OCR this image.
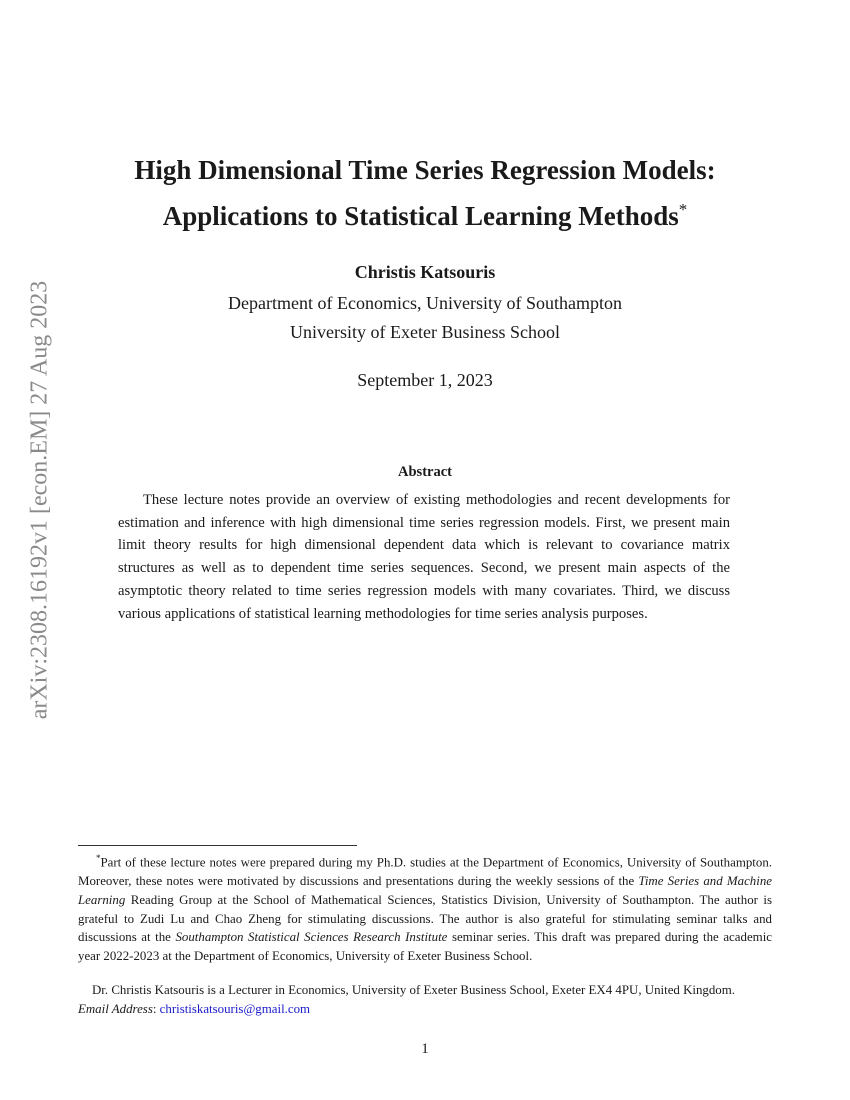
arXiv:2308.16192v1 [econ.EM] 27 Aug 2023
High Dimensional Time Series Regression Models:
Applications to Statistical Learning Methods*
Christis Katsouris
Department of Economics, University of Southampton
University of Exeter Business School
September 1, 2023
Abstract
These lecture notes provide an overview of existing methodologies and recent developments for estimation and inference with high dimensional time series regression models. First, we present main limit theory results for high dimensional dependent data which is relevant to covariance matrix structures as well as to dependent time series sequences. Second, we present main aspects of the asymptotic theory related to time series regression models with many covariates. Third, we discuss various applications of statistical learning methodologies for time series analysis purposes.
*Part of these lecture notes were prepared during my Ph.D. studies at the Department of Economics, University of Southampton. Moreover, these notes were motivated by discussions and presentations during the weekly sessions of the Time Series and Machine Learning Reading Group at the School of Mathematical Sciences, Statistics Division, University of Southampton. The author is grateful to Zudi Lu and Chao Zheng for stimulating discussions. The author is also grateful for stimulating seminar talks and discussions at the Southampton Statistical Sciences Research Institute seminar series. This draft was prepared during the academic year 2022-2023 at the Department of Economics, University of Exeter Business School.
Dr. Christis Katsouris is a Lecturer in Economics, University of Exeter Business School, Exeter EX4 4PU, United Kingdom.
Email Address: christiskatsouris@gmail.com
1
